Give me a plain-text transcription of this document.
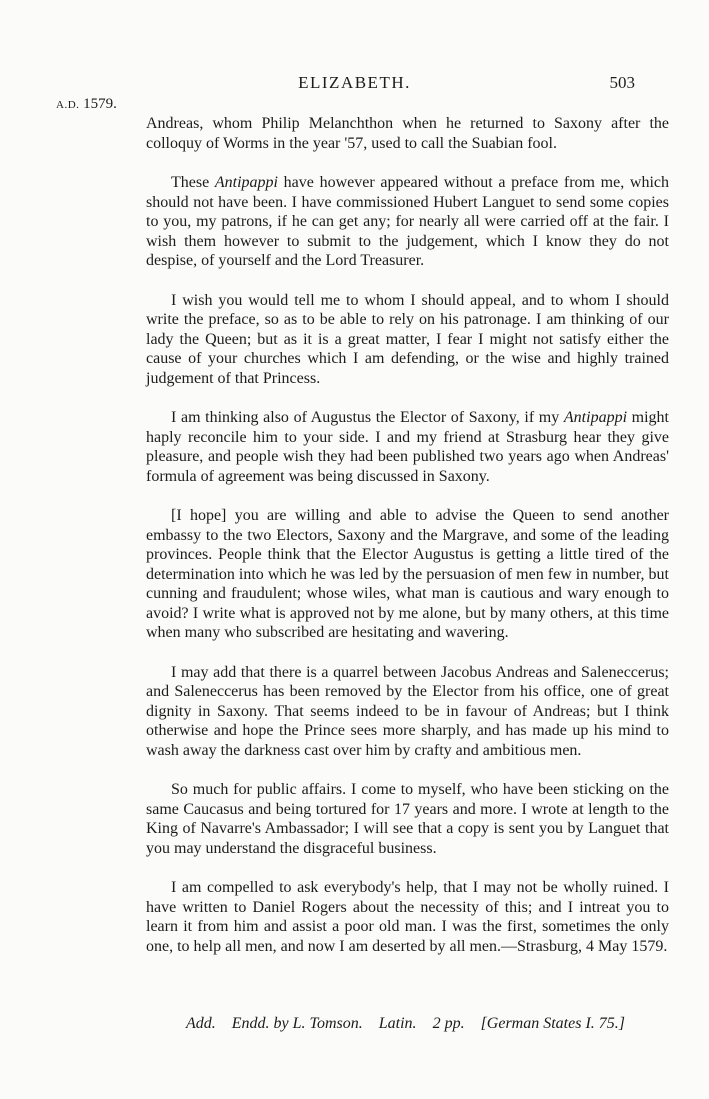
ELIZABETH.	503
A.D. 1579.

Andreas, whom Philip Melanchthon when he returned to Saxony after the colloquy of Worms in the year '57, used to call the Suabian fool.

These Antipappi have however appeared without a preface from me, which should not have been. I have commissioned Hubert Languet to send some copies to you, my patrons, if he can get any; for nearly all were carried off at the fair. I wish them however to submit to the judgement, which I know they do not despise, of yourself and the Lord Treasurer.

I wish you would tell me to whom I should appeal, and to whom I should write the preface, so as to be able to rely on his patronage. I am thinking of our lady the Queen; but as it is a great matter, I fear I might not satisfy either the cause of your churches which I am defending, or the wise and highly trained judgement of that Princess.

I am thinking also of Augustus the Elector of Saxony, if my Antipappi might haply reconcile him to your side. I and my friend at Strasburg hear they give pleasure, and people wish they had been published two years ago when Andreas' formula of agreement was being discussed in Saxony.

[I hope] you are willing and able to advise the Queen to send another embassy to the two Electors, Saxony and the Margrave, and some of the leading provinces. People think that the Elector Augustus is getting a little tired of the determination into which he was led by the persuasion of men few in number, but cunning and fraudulent; whose wiles, what man is cautious and wary enough to avoid? I write what is approved not by me alone, but by many others, at this time when many who subscribed are hesitating and wavering.

I may add that there is a quarrel between Jacobus Andreas and Saleneccerus; and Saleneccerus has been removed by the Elector from his office, one of great dignity in Saxony. That seems indeed to be in favour of Andreas; but I think otherwise and hope the Prince sees more sharply, and has made up his mind to wash away the darkness cast over him by crafty and ambitious men.

So much for public affairs. I come to myself, who have been sticking on the same Caucasus and being tortured for 17 years and more. I wrote at length to the King of Navarre's Ambassador; I will see that a copy is sent you by Languet that you may understand the disgraceful business.

I am compelled to ask everybody's help, that I may not be wholly ruined. I have written to Daniel Rogers about the necessity of this; and I intreat you to learn it from him and assist a poor old man. I was the first, sometimes the only one, to help all men, and now I am deserted by all men.—Strasburg, 4 May 1579.

Add. Endd. by L. Tomson. Latin. 2 pp. [German States I. 75.]
